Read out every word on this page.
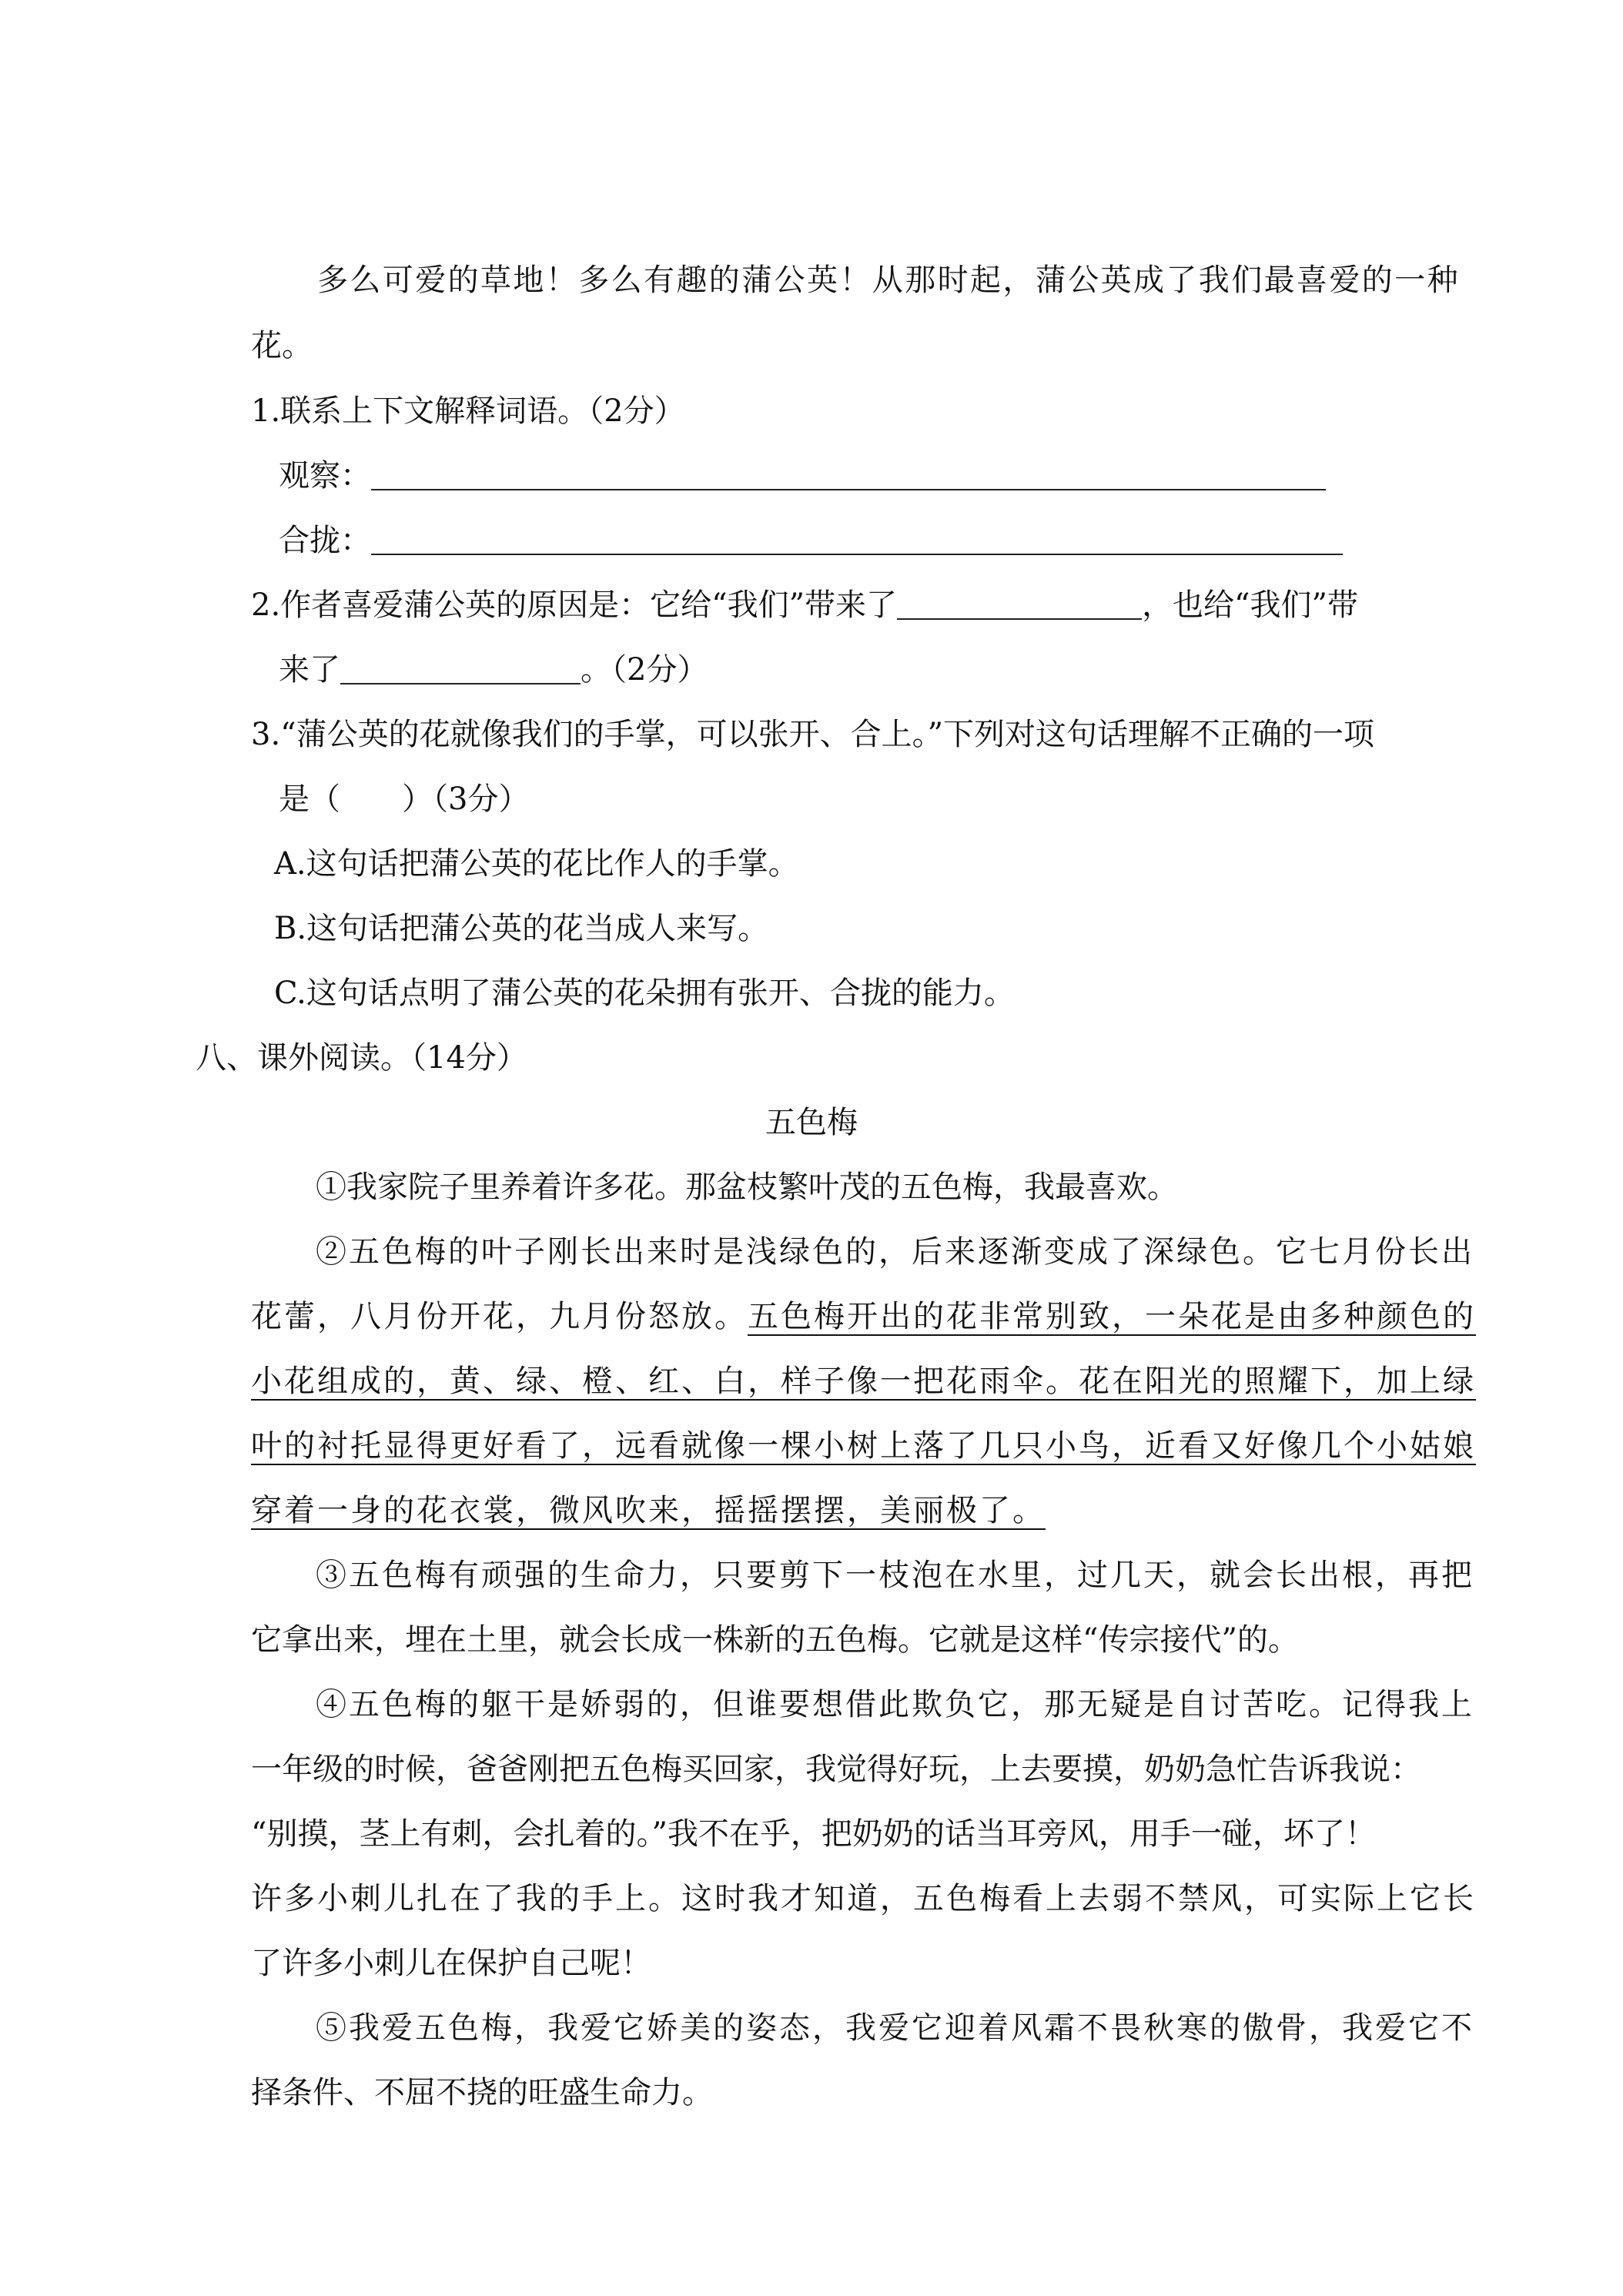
多么可爱的草地！多么有趣的蒲公英！从那时起，蒲公英成了我们最喜爱的一种
花。
1.联系上下文解释词语。（2分）
观察：
合拢：
2.作者喜爱蒲公英的原因是：它给“我们”带来了	，也给“我们”带
来了	。（2分）
3.“蒲公英的花就像我们的手掌，可以张开、合上。”下列对这句话理解不正确的一项
是（　　）（3分）
A.这句话把蒲公英的花比作人的手掌。
B.这句话把蒲公英的花当成人来写。
C.这句话点明了蒲公英的花朵拥有张开、合拢的能力。
八、课外阅读。（14分）
五色梅
①我家院子里养着许多花。那盆枝繁叶茂的五色梅，我最喜欢。
②五色梅的叶子刚长出来时是浅绿色的，后来逐渐变成了深绿色。它七月份长出
花蕾，八月份开花，九月份怒放。五色梅开出的花非常别致，一朵花是由多种颜色的
小花组成的，黄、绿、橙、红、白，样子像一把花雨伞。花在阳光的照耀下，加上绿
叶的衬托显得更好看了，远看就像一棵小树上落了几只小鸟，近看又好像几个小姑娘
穿着一身的花衣裳，微风吹来，摇摇摆摆，美丽极了。
③五色梅有顽强的生命力，只要剪下一枝泡在水里，过几天，就会长出根，再把
它拿出来，埋在土里，就会长成一株新的五色梅。它就是这样“传宗接代”的。
④五色梅的躯干是娇弱的，但谁要想借此欺负它，那无疑是自讨苦吃。记得我上
一年级的时候，爸爸刚把五色梅买回家，我觉得好玩，上去要摸，奶奶急忙告诉我说：
“别摸，茎上有刺，会扎着的。”我不在乎，把奶奶的话当耳旁风，用手一碰，坏了！
许多小刺儿扎在了我的手上。这时我才知道，五色梅看上去弱不禁风，可实际上它长
了许多小刺儿在保护自己呢！
⑤我爱五色梅，我爱它娇美的姿态，我爱它迎着风霜不畏秋寒的傲骨，我爱它不
择条件、不屈不挠的旺盛生命力。
